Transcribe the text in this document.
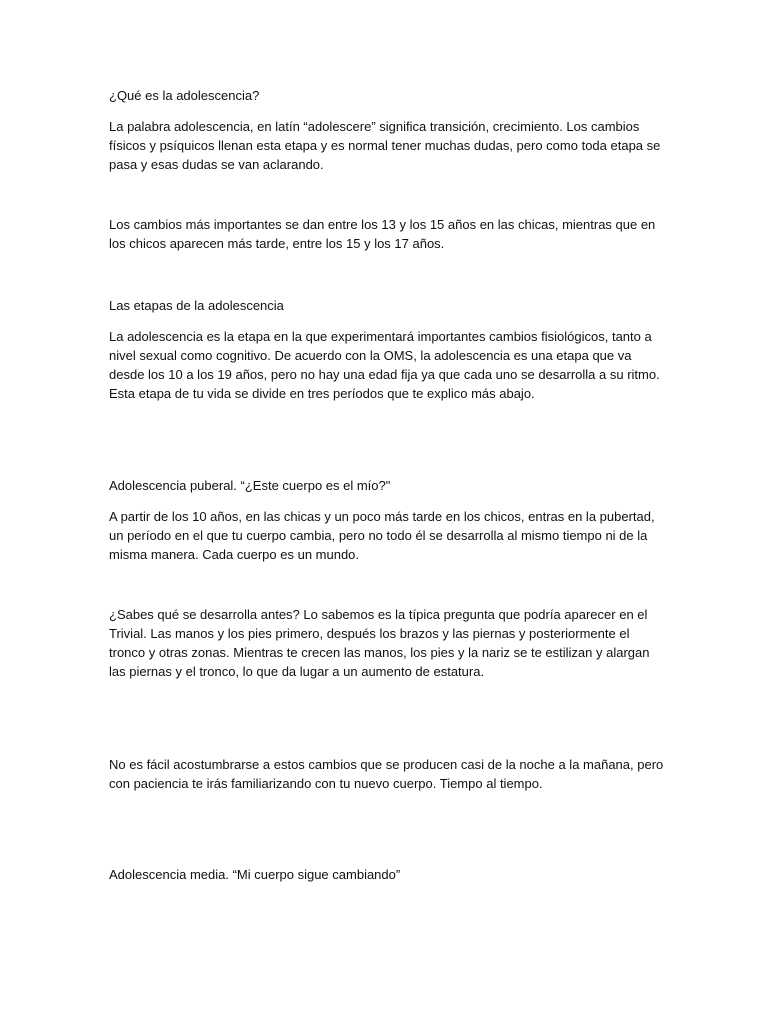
¿Qué es la adolescencia?
La palabra adolescencia, en latín “adolescere” significa transición, crecimiento. Los cambios
físicos y psíquicos llenan esta etapa y es normal tener muchas dudas, pero como toda etapa se
pasa y esas dudas se van aclarando.
Los cambios más importantes se dan entre los 13 y los 15 años en las chicas, mientras que en
los chicos aparecen más tarde, entre los 15 y los 17 años.
Las etapas de la adolescencia
La adolescencia es la etapa en la que experimentará importantes cambios fisiológicos, tanto a
nivel sexual como cognitivo. De acuerdo con la OMS, la adolescencia es una etapa que va
desde los 10 a los 19 años, pero no hay una edad fija ya que cada uno se desarrolla a su ritmo.
Esta etapa de tu vida se divide en tres períodos que te explico más abajo.
Adolescencia puberal. “¿Este cuerpo es el mío?"
A partir de los 10 años, en las chicas y un poco más tarde en los chicos, entras en la pubertad,
un período en el que tu cuerpo cambia, pero no todo él se desarrolla al mismo tiempo ni de la
misma manera. Cada cuerpo es un mundo.
¿Sabes qué se desarrolla antes? Lo sabemos es la típica pregunta que podría aparecer en el
Trivial. Las manos y los pies primero, después los brazos y las piernas y posteriormente el
tronco y otras zonas. Mientras te crecen las manos, los pies y la nariz se te estilizan y alargan
las piernas y el tronco, lo que da lugar a un aumento de estatura.
No es fácil acostumbrarse a estos cambios que se producen casi de la noche a la mañana, pero
con paciencia te irás familiarizando con tu nuevo cuerpo. Tiempo al tiempo.
Adolescencia media. “Mi cuerpo sigue cambiando”
